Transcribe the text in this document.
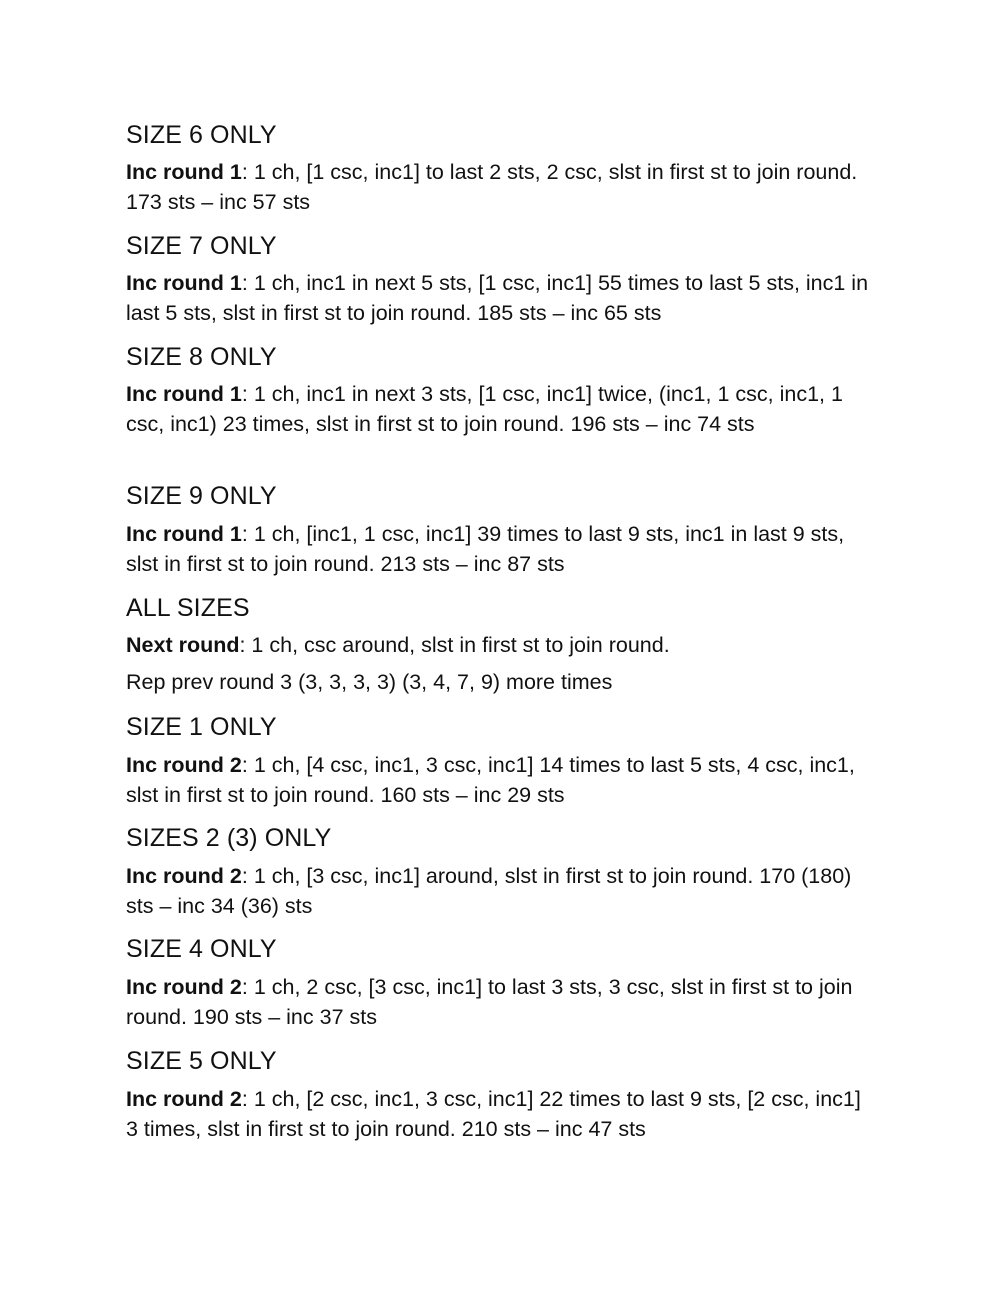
SIZE 6 ONLY

Inc round 1: 1 ch, [1 csc, inc1] to last 2 sts, 2 csc, slst in first st to join round. 173 sts – inc 57 sts

SIZE 7 ONLY

Inc round 1: 1 ch, inc1 in next 5 sts, [1 csc, inc1] 55 times to last 5 sts, inc1 in last 5 sts, slst in first st to join round. 185 sts – inc 65 sts

SIZE 8 ONLY

Inc round 1: 1 ch, inc1 in next 3 sts, [1 csc, inc1] twice, (inc1, 1 csc, inc1, 1 csc, inc1) 23 times, slst in first st to join round. 196 sts – inc 74 sts

SIZE 9 ONLY

Inc round 1: 1 ch, [inc1, 1 csc, inc1] 39 times to last 9 sts, inc1 in last 9 sts, slst in first st to join round. 213 sts – inc 87 sts

ALL SIZES

Next round: 1 ch, csc around, slst in first st to join round.

Rep prev round 3 (3, 3, 3, 3) (3, 4, 7, 9) more times

SIZE 1 ONLY

Inc round 2: 1 ch, [4 csc, inc1, 3 csc, inc1] 14 times to last 5 sts, 4 csc, inc1, slst in first st to join round. 160 sts – inc 29 sts

SIZES 2 (3) ONLY

Inc round 2: 1 ch, [3 csc, inc1] around, slst in first st to join round. 170 (180) sts – inc 34 (36) sts

SIZE 4 ONLY

Inc round 2: 1 ch, 2 csc, [3 csc, inc1] to last 3 sts, 3 csc, slst in first st to join round. 190 sts – inc 37 sts

SIZE 5 ONLY

Inc round 2: 1 ch, [2 csc, inc1, 3 csc, inc1] 22 times to last 9 sts, [2 csc, inc1] 3 times, slst in first st to join round. 210 sts – inc 47 sts
